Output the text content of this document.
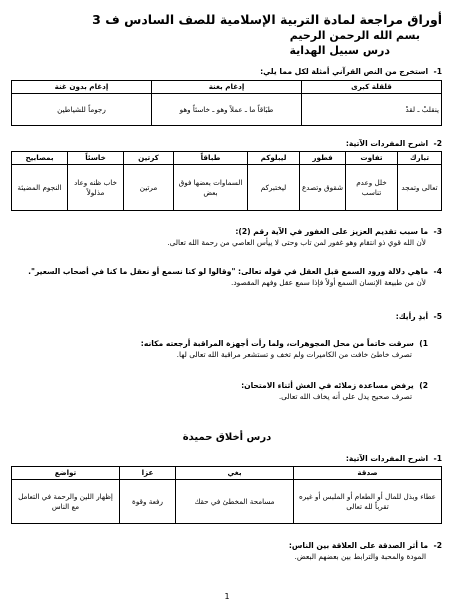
أوراق مراجعة لمادة التربية الإسلامية للصف السادس ف 3
بسم الله الرحمن الرحيم
درس سبيل الهداية
1- استخرج من النص القرآني أمثلة لكل مما يلي:
قلقلة كبرى	إدغام بغنة	إدغام بدون غنة
ينقلبْ ـ لقدْ	طبَاقاً ما ـ عملاً وهو ـ خاسئاً وهو	رجوماً للشياطين
2- اشرح المفردات الآتية:
تبارك	تفاوت	فطور	ليبلوكم	طباقاً	كرتين	خاسئاً	بمصابيح
تعالى وتمجد	خلل وعدم تناسب	شقوق وتصدع	ليختبركم	السماوات بعضها فوق بعض	مرتين	خاب ظنه وعاد مذلولاً	النجوم المضيئة
3- ما سبب تقديم العزيز على الغفور في الآية رقم (2):
لأن الله قوي ذو انتقام وهو غفور لمن تاب وحتى لا ييأس العاصي من رحمة الله تعالى.
4- ماهي دلالة ورود السمع قبل العقل في قوله تعالى: "وقالوا لو كنا نسمع أو نعقل ما كنا في أصحاب السعير".
لأن من طبيعة الإنسان السمع أولاً فإذا سمع عقل وفهم المقصود.
5- أبدِ رأيك:
1) سرقت خاتماً من محل المجوهرات، ولما رأت أجهزة المراقبة أرجعته مكانه:
تصرف خاطئ خافت من الكاميرات ولم تخف و تستشعر مراقبة الله تعالى لها.
2) يرفض مساعدة زملائه في الغش أثناء الامتحان:
تصرف صحيح يدل على أنه يخاف الله تعالى.
درس أخلاق حميدة
1- اشرح المفردات الآتية:
صدقة	بغي	عزا	تواضع
عطاء وبذل للمال أو الطعام أو الملبس أو غيره تقرباً لله تعالى	مسامحة المخطئ في حقك	رفعة وقوة	إظهار اللين والرحمة في التعامل مع الناس
2- ما أثر الصدقة على العلاقة بين الناس:
المودة والمحبة والترابط بين بعضهم البعض.
1
